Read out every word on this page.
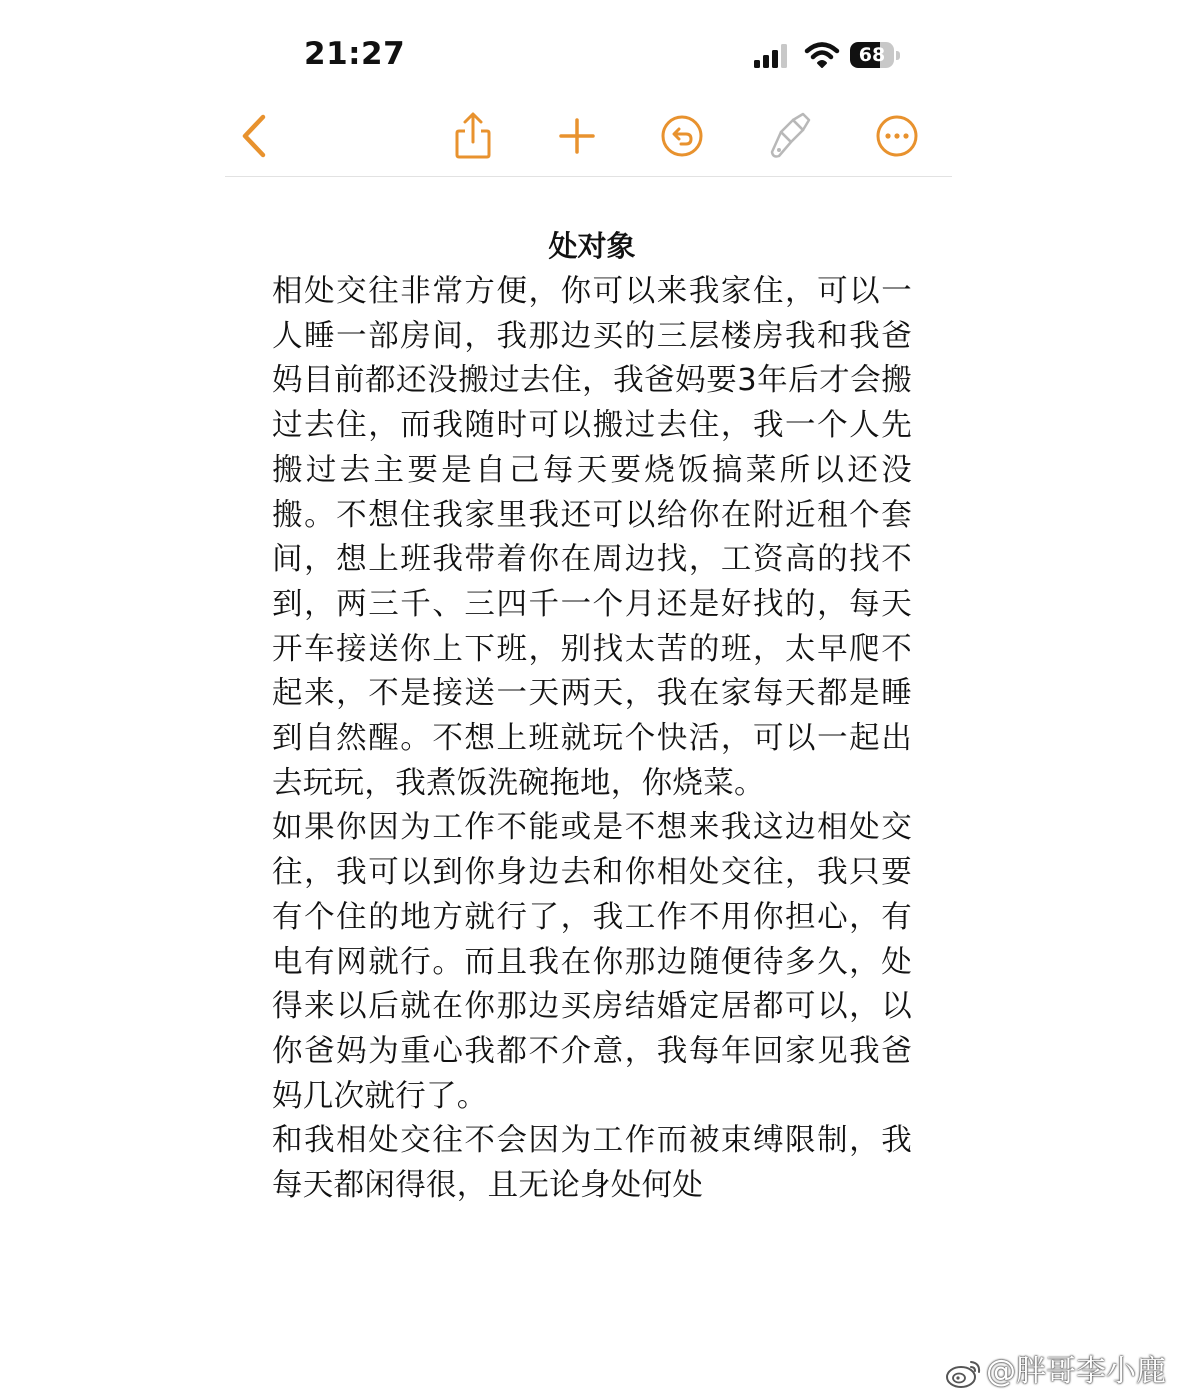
21:27	68
处对象

相处交往非常方便，你可以来我家住，可以一人睡一部房间，我那边买的三层楼房我和我爸妈目前都还没搬过去住，我爸妈要3年后才会搬过去住，而我随时可以搬过去住，我一个人先搬过去主要是自己每天要烧饭搞菜所以还没搬。不想住我家里我还可以给你在附近租个套间，想上班我带着你在周边找，工资高的找不到，两三千、三四千一个月还是好找的，每天开车接送你上下班，别找太苦的班，太早爬不起来，不是接送一天两天，我在家每天都是睡到自然醒。不想上班就玩个快活，可以一起出去玩玩，我煮饭洗碗拖地，你烧菜。

如果你因为工作不能或是不想来我这边相处交往，我可以到你身边去和你相处交往，我只要有个住的地方就行了，我工作不用你担心，有电有网就行。而且我在你那边随便待多久，处得来以后就在你那边买房结婚定居都可以，以你爸妈为重心我都不介意，我每年回家见我爸妈几次就行了。

和我相处交往不会因为工作而被束缚限制，我每天都闲得很，且无论身处何处

@胖哥李小鹿
